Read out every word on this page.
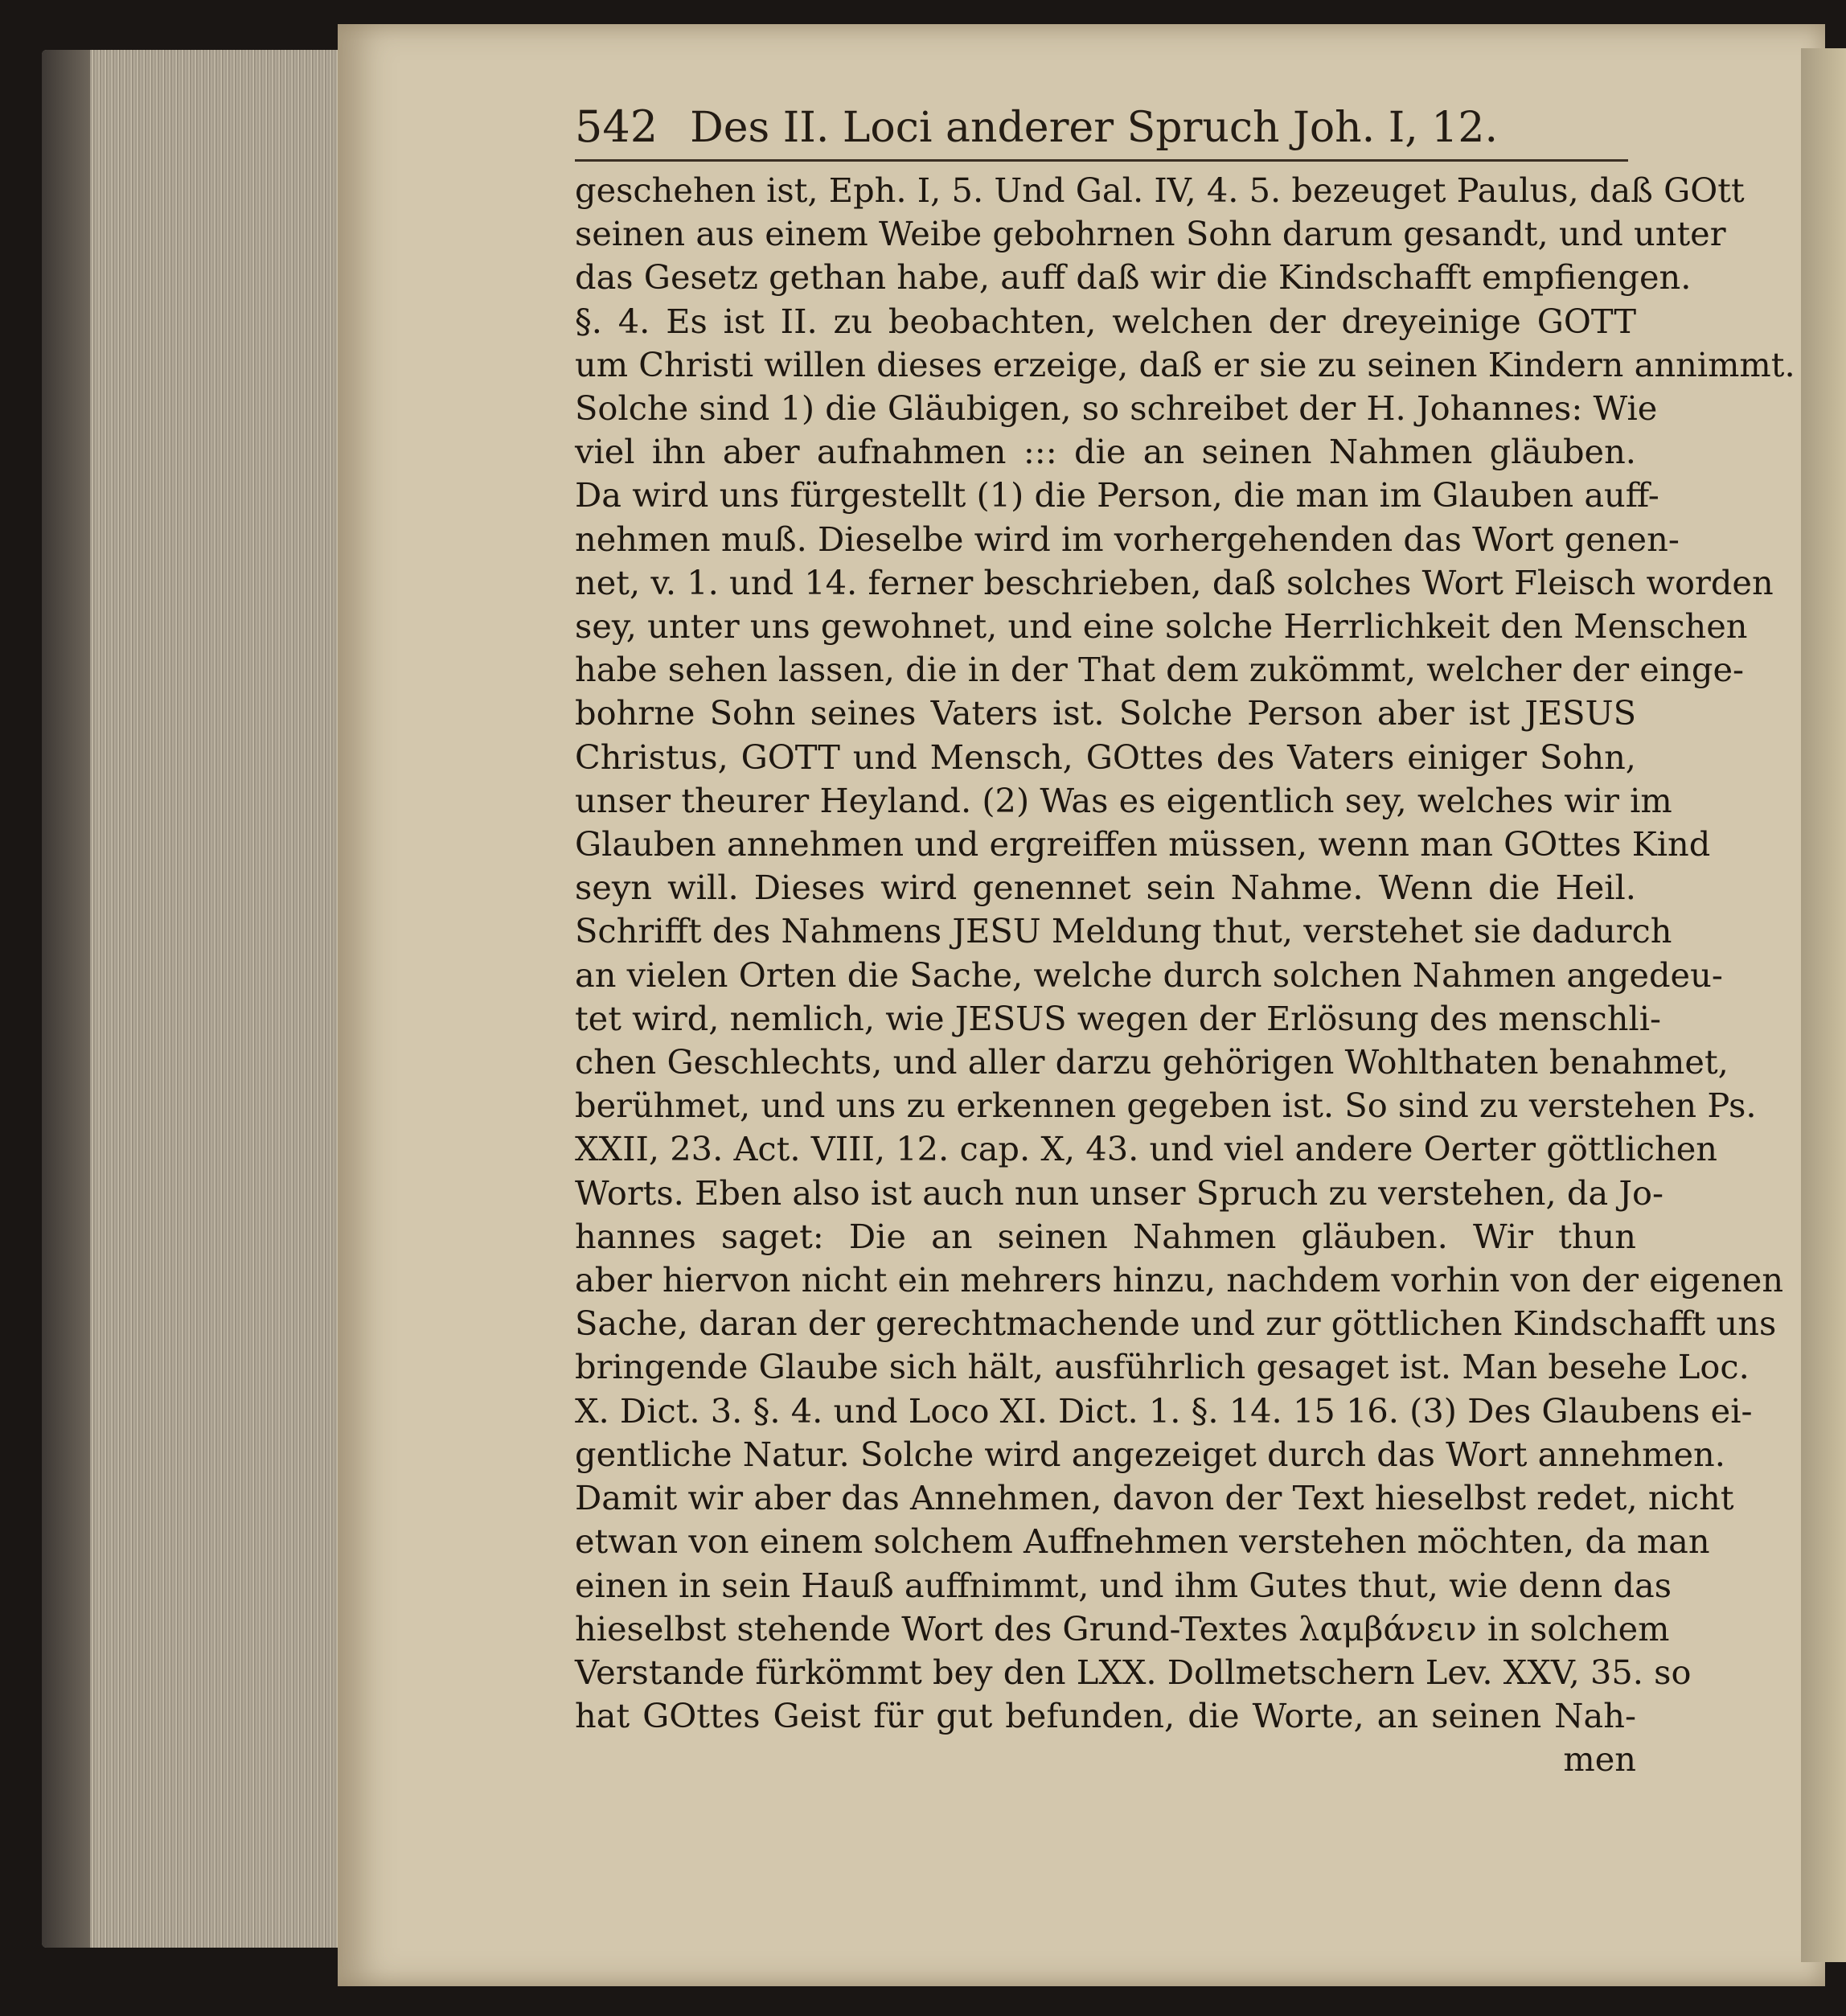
542 Des II. Loci anderer Spruch Joh. I, 12.
geschehen ist, Eph. I, 5. Und Gal. IV, 4. 5. bezeuget Paulus, daß GOtt
seinen aus einem Weibe gebohrnen Sohn darum gesandt, und unter
das Gesetz gethan habe, auff daß wir die Kindschafft empfiengen.
§. 4. Es ist II. zu beobachten, welchen der dreyeinige GOTT
um Christi willen dieses erzeige, daß er sie zu seinen Kindern annimmt.
Solche sind 1) die Gläubigen, so schreibet der H. Johannes: Wie
viel ihn aber aufnahmen ::: die an seinen Nahmen gläuben.
Da wird uns fürgestellt (1) die Person, die man im Glauben auff-
nehmen muß. Dieselbe wird im vorhergehenden das Wort genen-
net, v. 1. und 14. ferner beschrieben, daß solches Wort Fleisch worden
sey, unter uns gewohnet, und eine solche Herrlichkeit den Menschen
habe sehen lassen, die in der That dem zukömmt, welcher der einge-
bohrne Sohn seines Vaters ist. Solche Person aber ist JESUS
Christus, GOTT und Mensch, GOttes des Vaters einiger Sohn,
unser theurer Heyland. (2) Was es eigentlich sey, welches wir im
Glauben annehmen und ergreiffen müssen, wenn man GOttes Kind
seyn will. Dieses wird genennet sein Nahme. Wenn die Heil.
Schrifft des Nahmens JESU Meldung thut, verstehet sie dadurch
an vielen Orten die Sache, welche durch solchen Nahmen angedeu-
tet wird, nemlich, wie JESUS wegen der Erlösung des menschli-
chen Geschlechts, und aller darzu gehörigen Wohlthaten benahmet,
berühmet, und uns zu erkennen gegeben ist. So sind zu verstehen Ps.
XXII, 23. Act. VIII, 12. cap. X, 43. und viel andere Oerter göttlichen
Worts. Eben also ist auch nun unser Spruch zu verstehen, da Jo-
hannes saget: Die an seinen Nahmen gläuben. Wir thun
aber hiervon nicht ein mehrers hinzu, nachdem vorhin von der eigenen
Sache, daran der gerechtmachende und zur göttlichen Kindschafft uns
bringende Glaube sich hält, ausführlich gesaget ist. Man besehe Loc.
X. Dict. 3. §. 4. und Loco XI. Dict. 1. §. 14. 15 16. (3) Des Glaubens ei-
gentliche Natur. Solche wird angezeiget durch das Wort annehmen.
Damit wir aber das Annehmen, davon der Text hieselbst redet, nicht
etwan von einem solchem Auffnehmen verstehen möchten, da man
einen in sein Hauß auffnimmt, und ihm Gutes thut, wie denn das
hieselbst stehende Wort des Grund-Textes λαμβάνειν in solchem
Verstande fürkömmt bey den LXX. Dollmetschern Lev. XXV, 35. so
hat GOttes Geist für gut befunden, die Worte, an seinen Nah-
men
